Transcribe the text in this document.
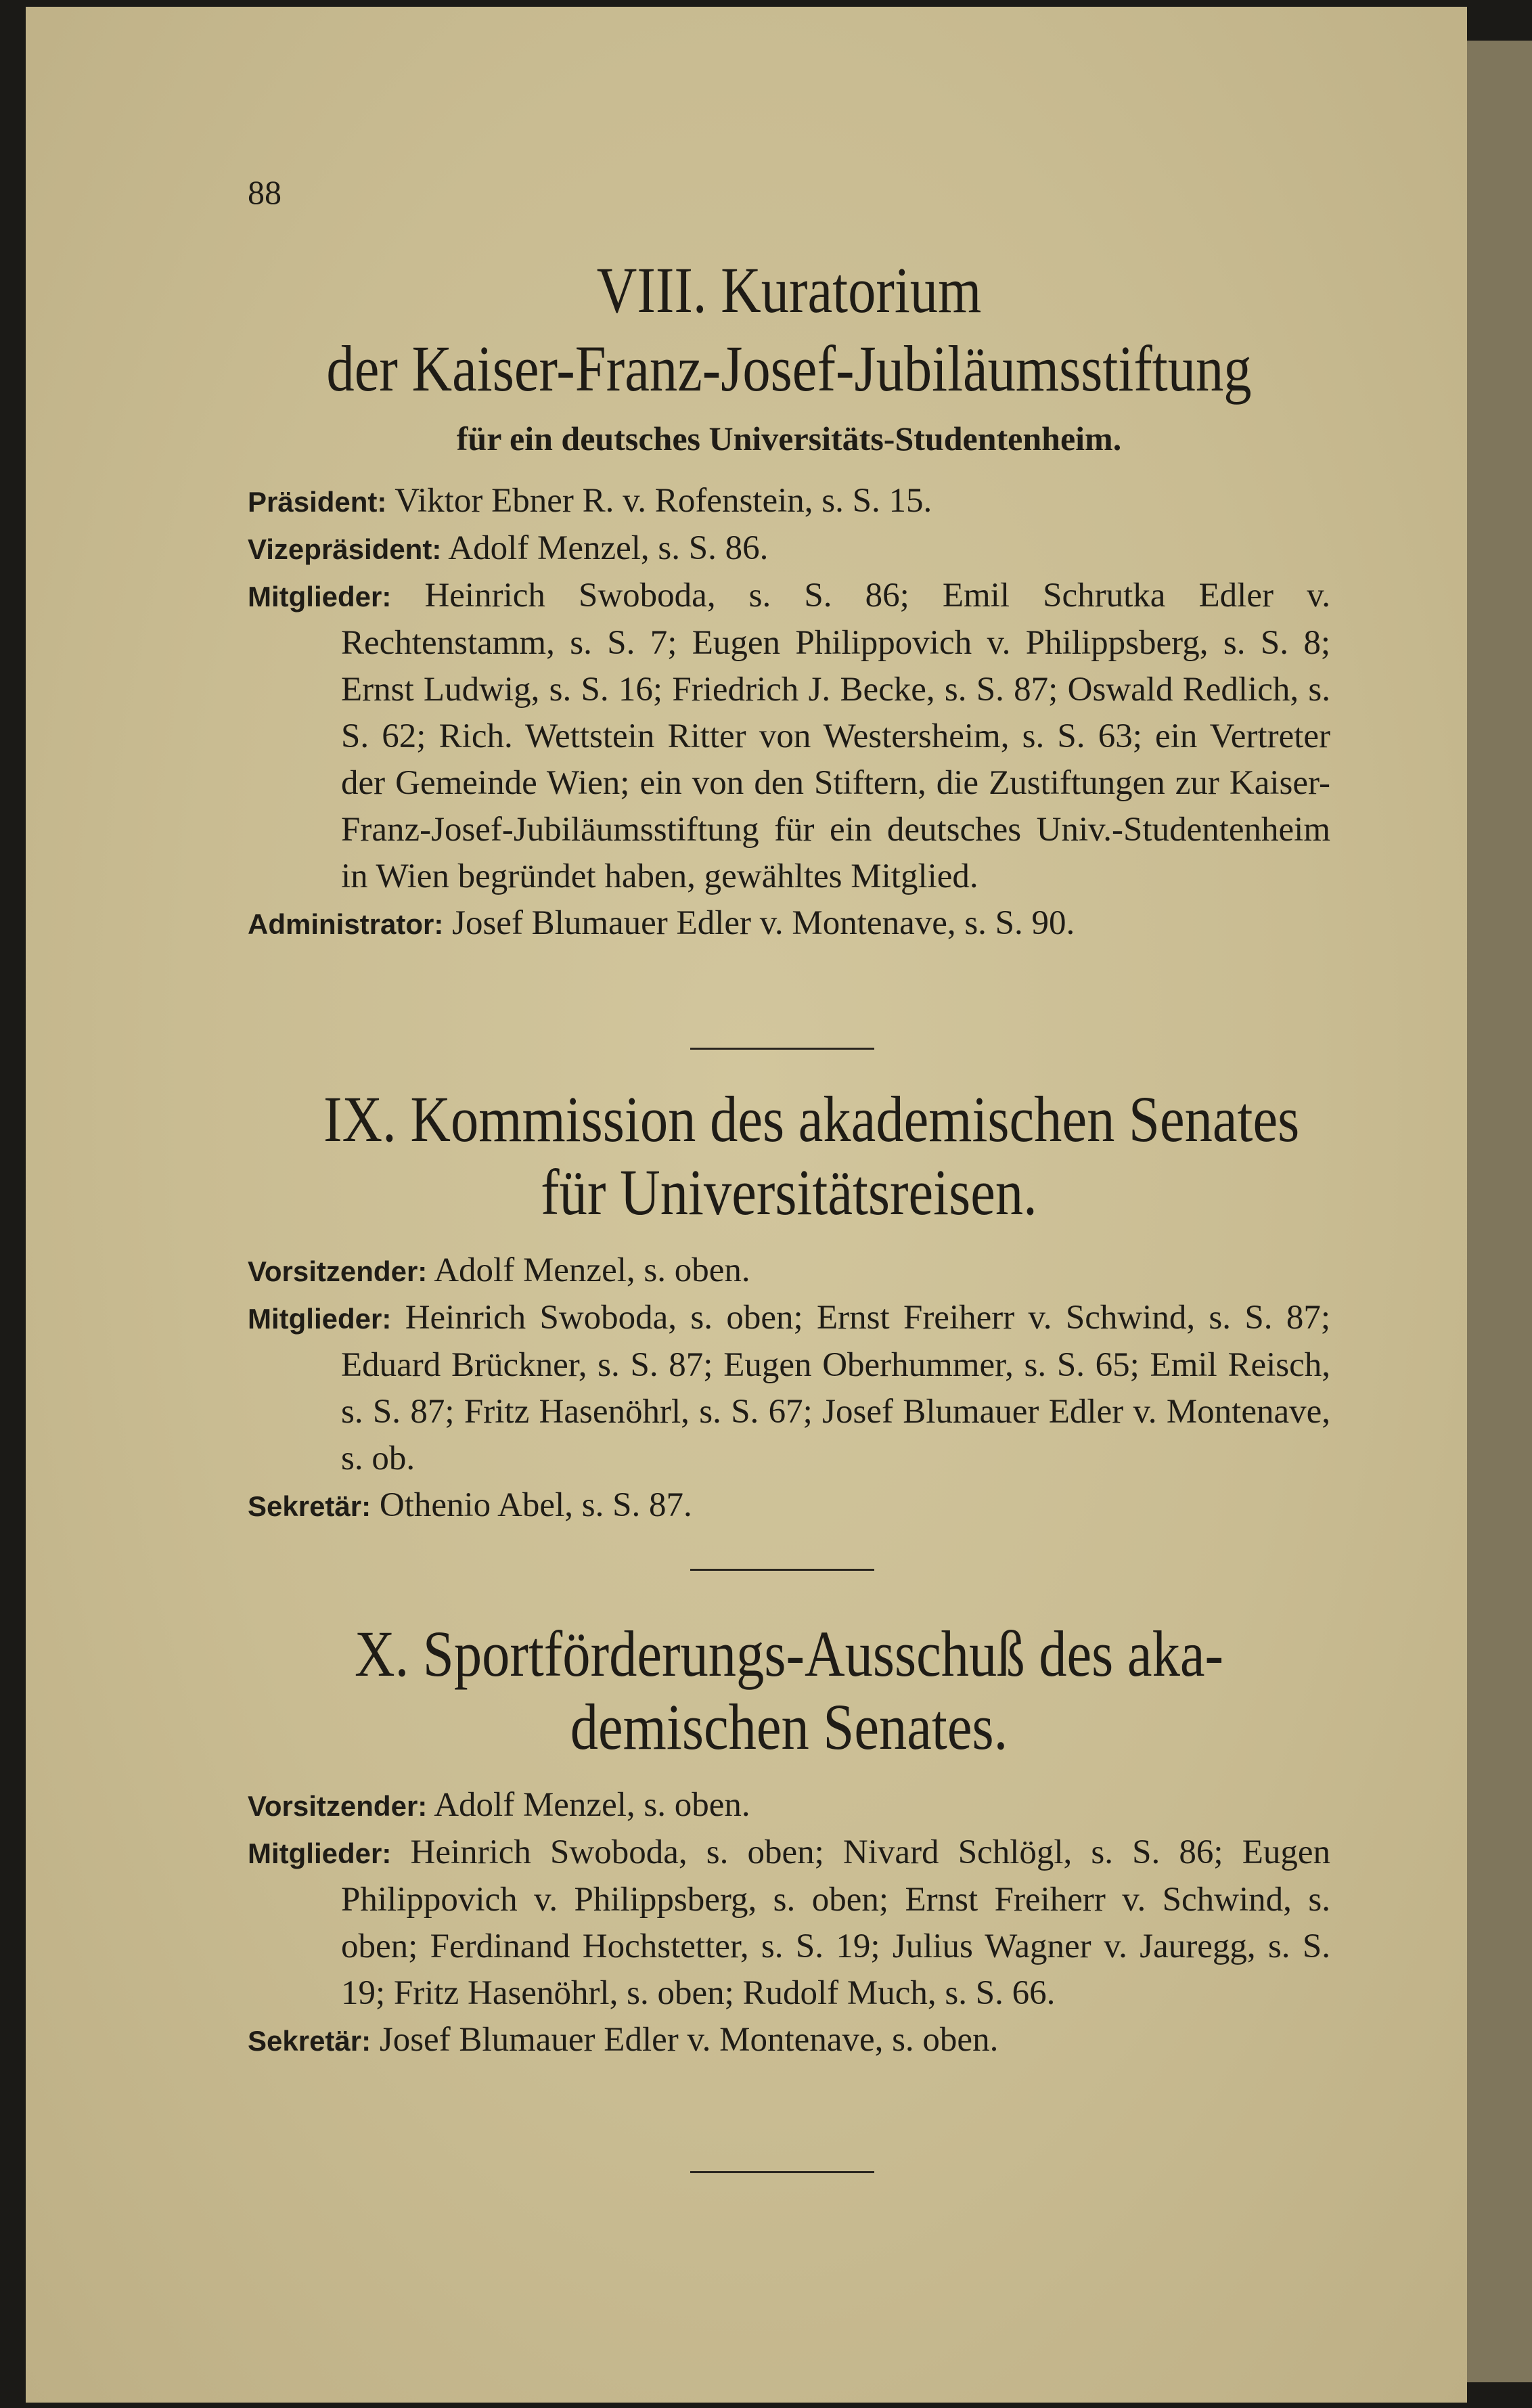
88

VIII. Kuratorium

der Kaiser-Franz-Josef-Jubiläumsstiftung

für ein deutsches Universitäts-Studentenheim.

Präsident: Viktor Ebner R. v. Rofenstein, s. S. 15.

Vizepräsident: Adolf Menzel, s. S. 86.

Mitglieder: Heinrich Swoboda, s. S. 86; Emil Schrutka Edler v. Rechtenstamm, s. S. 7; Eugen Philippovich v. Philippsberg, s. S. 8; Ernst Ludwig, s. S. 16; Friedrich J. Becke, s. S. 87; Oswald Redlich, s. S. 62; Rich. Wettstein Ritter von Westersheim, s. S. 63; ein Vertreter der Gemeinde Wien; ein von den Stiftern, die Zustiftungen zur Kaiser-Franz-Josef-Jubiläumsstiftung für ein deutsches Univ.-Studentenheim in Wien begründet haben, gewähltes Mitglied.

Administrator: Josef Blumauer Edler v. Montenave, s. S. 90.

IX. Kommission des akademischen Senates

für Universitätsreisen.

Vorsitzender: Adolf Menzel, s. oben.

Mitglieder: Heinrich Swoboda, s. oben; Ernst Freiherr v. Schwind, s. S. 87; Eduard Brückner, s. S. 87; Eugen Oberhummer, s. S. 65; Emil Reisch, s. S. 87; Fritz Hasenöhrl, s. S. 67; Josef Blumauer Edler v. Montenave, s. ob.

Sekretär: Othenio Abel, s. S. 87.

X. Sportförderungs-Ausschuß des aka-

demischen Senates.

Vorsitzender: Adolf Menzel, s. oben.

Mitglieder: Heinrich Swoboda, s. oben; Nivard Schlögl, s. S. 86; Eugen Philippovich v. Philippsberg, s. oben; Ernst Freiherr v. Schwind, s. oben; Ferdinand Hochstetter, s. S. 19; Julius Wagner v. Jauregg, s. S. 19; Fritz Hasenöhrl, s. oben; Rudolf Much, s. S. 66.

Sekretär: Josef Blumauer Edler v. Montenave, s. oben.
